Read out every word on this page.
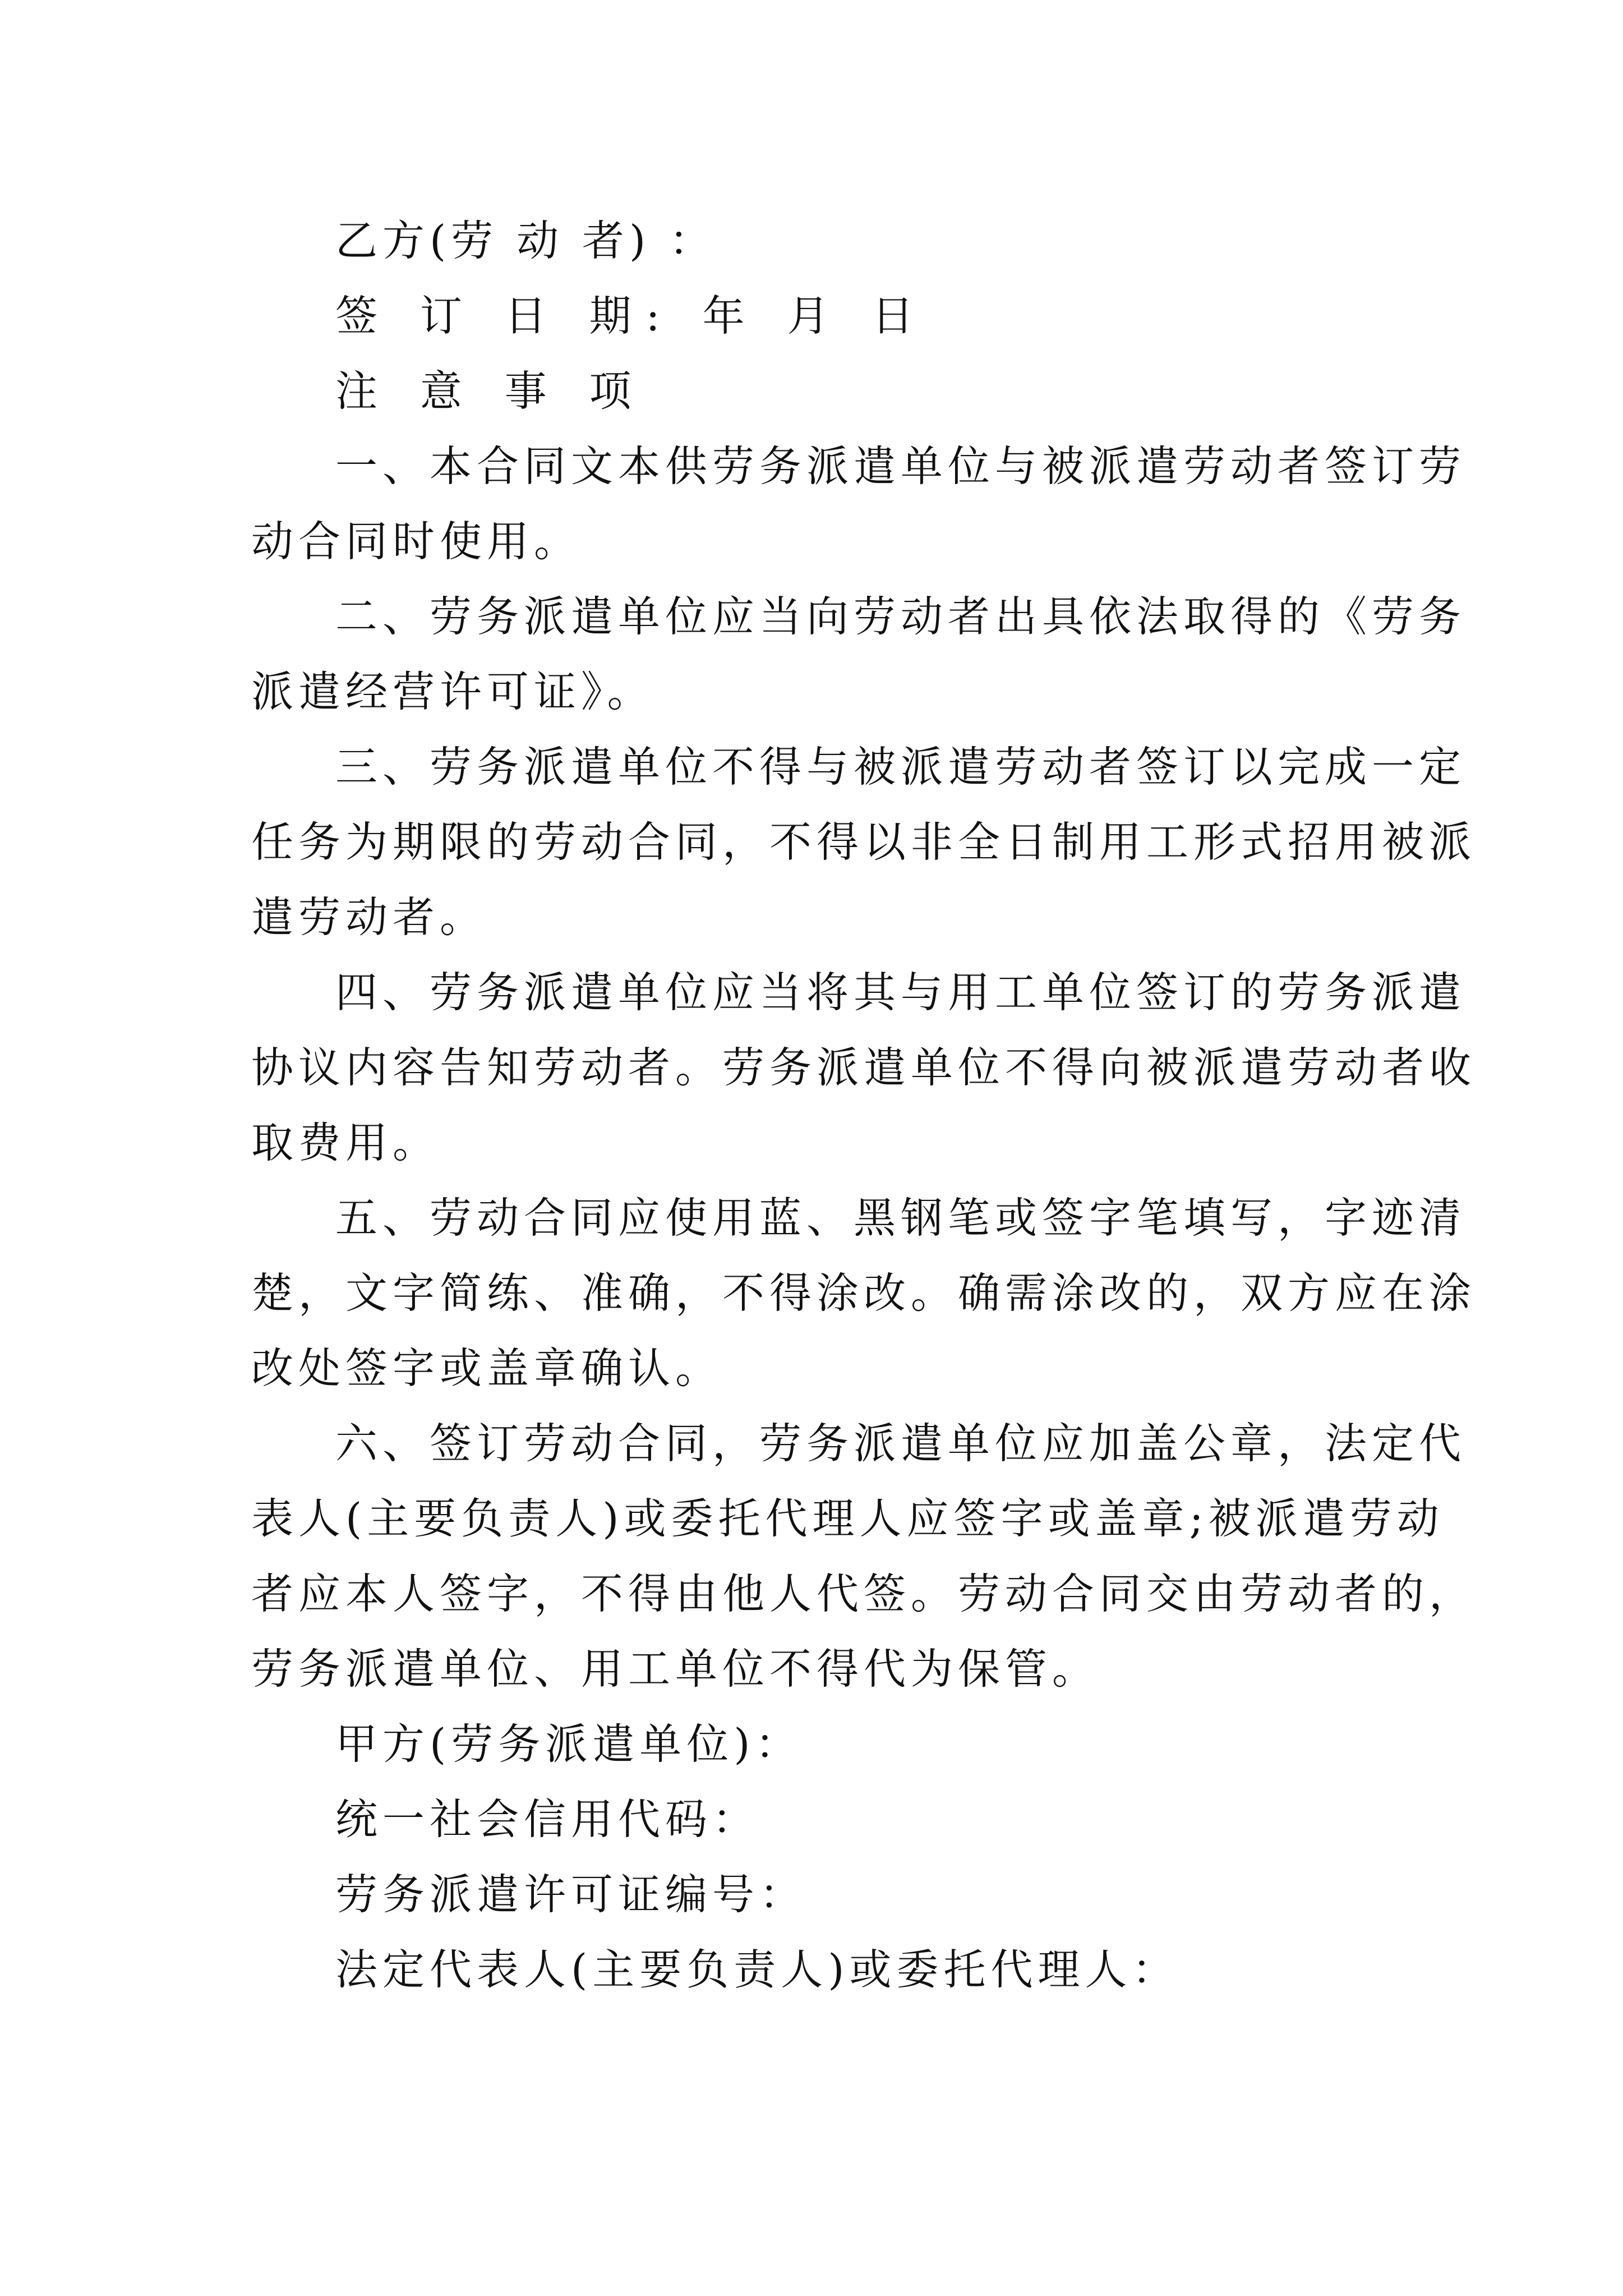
乙方(劳 动 者) ：
签 订 日 期: 年 月 日
注 意 事 项
一、本合同文本供劳务派遣单位与被派遣劳动者签订劳
动合同时使用。
二、劳务派遣单位应当向劳动者出具依法取得的《劳务
派遣经营许可证》。
三、劳务派遣单位不得与被派遣劳动者签订以完成一定
任务为期限的劳动合同，不得以非全日制用工形式招用被派
遣劳动者。
四、劳务派遣单位应当将其与用工单位签订的劳务派遣
协议内容告知劳动者。劳务派遣单位不得向被派遣劳动者收
取费用。
五、劳动合同应使用蓝、黑钢笔或签字笔填写，字迹清
楚，文字简练、准确，不得涂改。确需涂改的，双方应在涂
改处签字或盖章确认。
六、签订劳动合同，劳务派遣单位应加盖公章，法定代
表人(主要负责人)或委托代理人应签字或盖章;被派遣劳动
者应本人签字，不得由他人代签。劳动合同交由劳动者的，
劳务派遣单位、用工单位不得代为保管。
甲方(劳务派遣单位)：
统一社会信用代码：
劳务派遣许可证编号：
法定代表人(主要负责人)或委托代理人：
